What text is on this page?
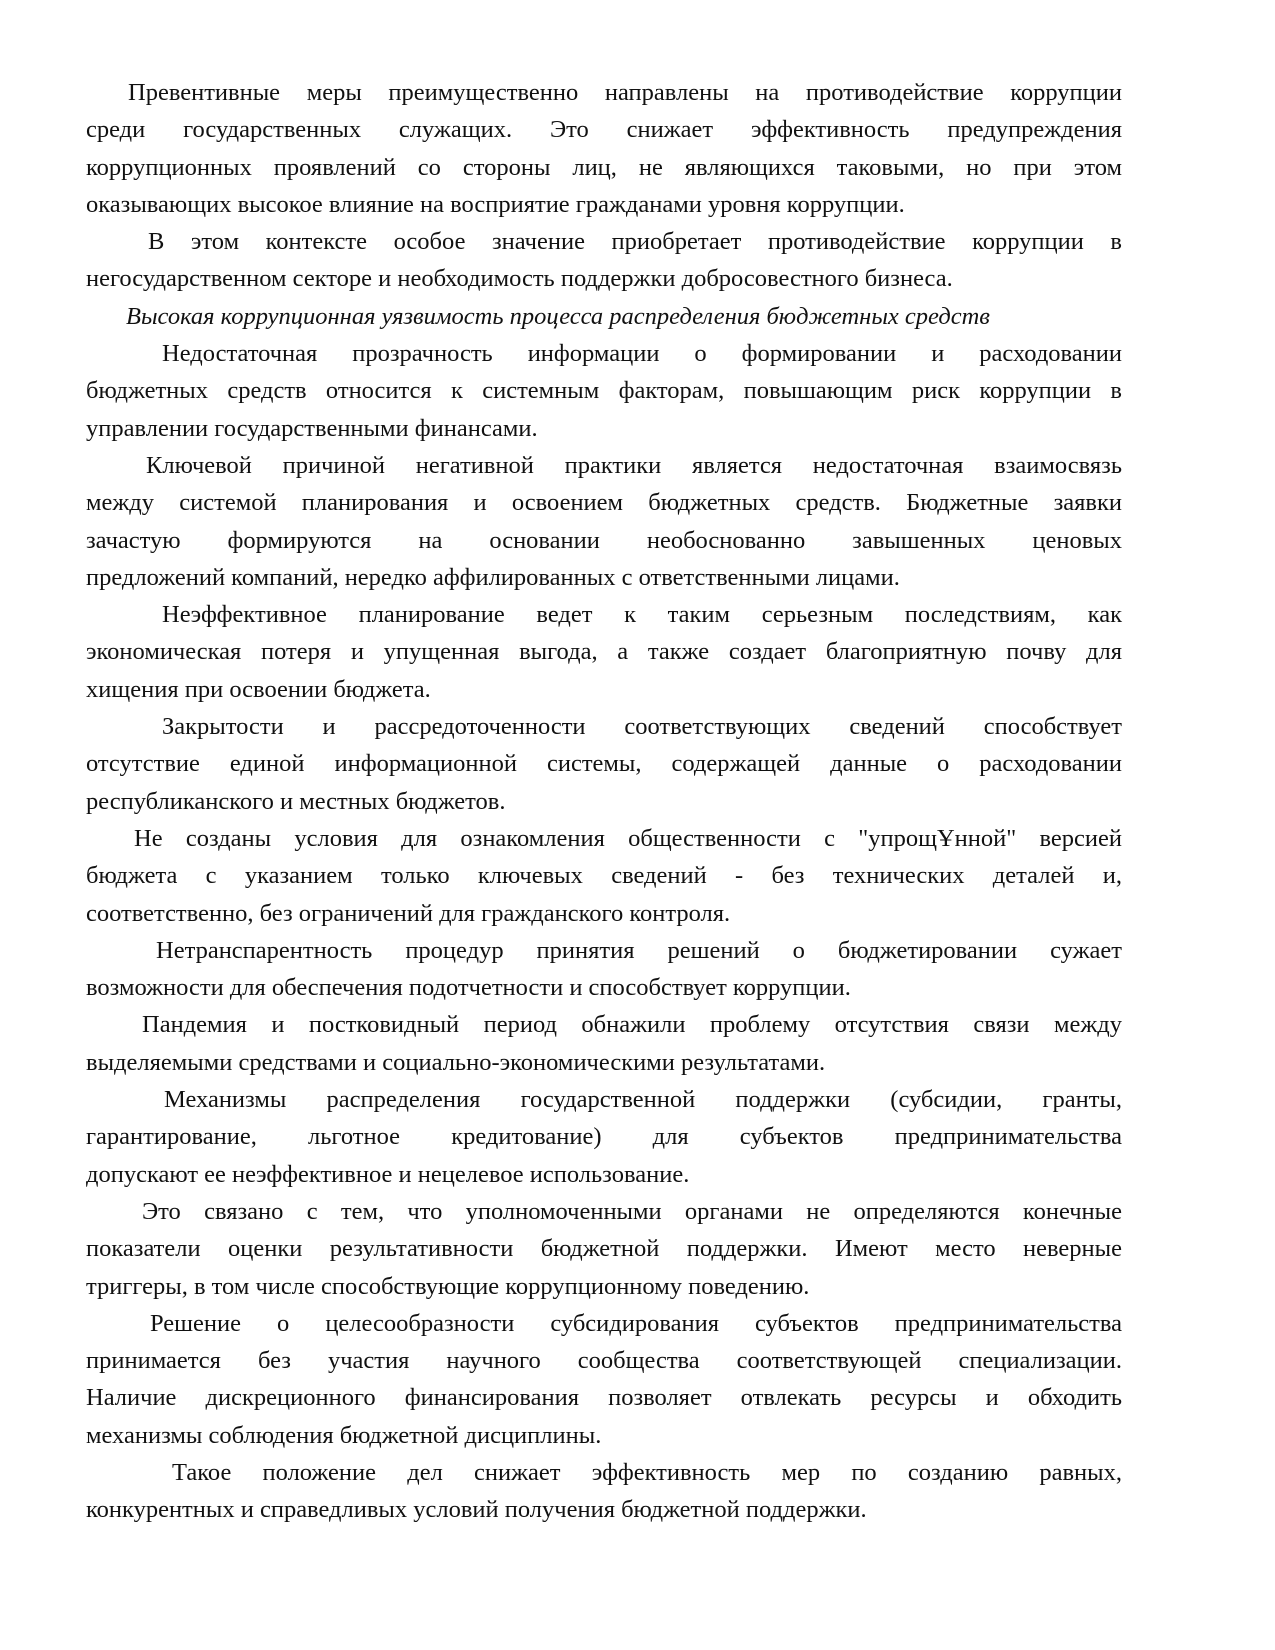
Превентивные меры преимущественно направлены на противодействие коррупции
среди государственных служащих. Это снижает эффективность предупреждения
коррупционных проявлений со стороны лиц, не являющихся таковыми, но при этом
оказывающих высокое влияние на восприятие гражданами уровня коррупции.
В этом контексте особое значение приобретает противодействие коррупции в
негосударственном секторе и необходимость поддержки добросовестного бизнеса.
Высокая коррупционная уязвимость процесса распределения бюджетных средств
Недостаточная прозрачность информации о формировании и расходовании
бюджетных средств относится к системным факторам, повышающим риск коррупции в
управлении государственными финансами.
Ключевой причиной негативной практики является недостаточная взаимосвязь
между системой планирования и освоением бюджетных средств. Бюджетные заявки
зачастую формируются на основании необоснованно завышенных ценовых
предложений компаний, нередко аффилированных с ответственными лицами.
Неэффективное планирование ведет к таким серьезным последствиям, как
экономическая потеря и упущенная выгода, а также создает благоприятную почву для
хищения при освоении бюджета.
Закрытости и рассредоточенности соответствующих сведений способствует
отсутствие единой информационной системы, содержащей данные о расходовании
республиканского и местных бюджетов.
Не созданы условия для ознакомления общественности с "упрощҰнной" версией
бюджета с указанием только ключевых сведений - без технических деталей и,
соответственно, без ограничений для гражданского контроля.
Нетранспарентность процедур принятия решений о бюджетировании сужает
возможности для обеспечения подотчетности и способствует коррупции.
Пандемия и постковидный период обнажили проблему отсутствия связи между
выделяемыми средствами и социально-экономическими результатами.
Механизмы распределения государственной поддержки (субсидии, гранты,
гарантирование, льготное кредитование) для субъектов предпринимательства
допускают ее неэффективное и нецелевое использование.
Это связано с тем, что уполномоченными органами не определяются конечные
показатели оценки результативности бюджетной поддержки. Имеют место неверные
триггеры, в том числе способствующие коррупционному поведению.
Решение о целесообразности субсидирования субъектов предпринимательства
принимается без участия научного сообщества соответствующей специализации.
Наличие дискреционного финансирования позволяет отвлекать ресурсы и обходить
механизмы соблюдения бюджетной дисциплины.
Такое положение дел снижает эффективность мер по созданию равных,
конкурентных и справедливых условий получения бюджетной поддержки.
